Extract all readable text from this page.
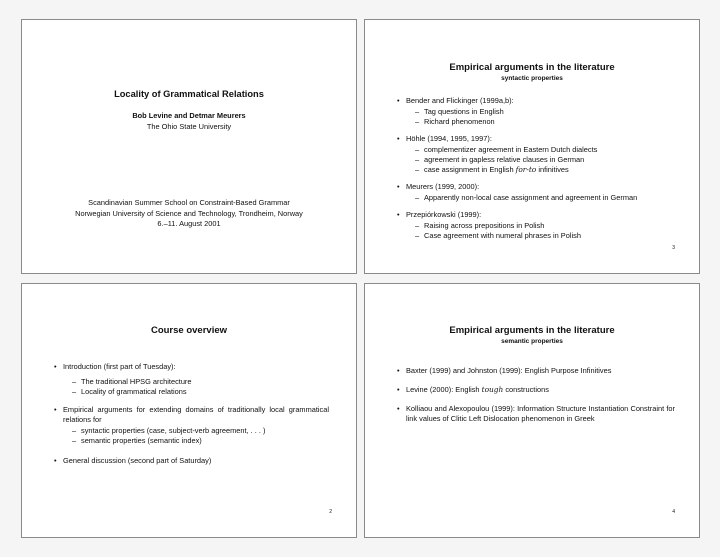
Locality of Grammatical Relations
Bob Levine and Detmar Meurers
The Ohio State University
Scandinavian Summer School on Constraint-Based Grammar
Norwegian University of Science and Technology, Trondheim, Norway
6.–11. August 2001
Empirical arguments in the literature
syntactic properties
• Bender and Flickinger (1999a,b):
– Tag questions in English
– Richard phenomenon
• Höhle (1994, 1995, 1997):
– complementizer agreement in Eastern Dutch dialects
– agreement in gapless relative clauses in German
– case assignment in English for-to infinitives
• Meurers (1999, 2000):
– Apparently non-local case assignment and agreement in German
• Przepiórkowski (1999):
– Raising across prepositions in Polish
– Case agreement with numeral phrases in Polish
3
Course overview
• Introduction (first part of Tuesday):
– The traditional HPSG architecture
– Locality of grammatical relations
• Empirical arguments for extending domains of traditionally local grammatical relations for
– syntactic properties (case, subject-verb agreement, . . . )
– semantic properties (semantic index)
• General discussion (second part of Saturday)
2
Empirical arguments in the literature
semantic properties
• Baxter (1999) and Johnston (1999): English Purpose Infinitives
• Levine (2000): English tough constructions
• Kolliaou and Alexopoulou (1999): Information Structure Instantiation Constraint for link values of Clitic Left Dislocation phenomenon in Greek
4
